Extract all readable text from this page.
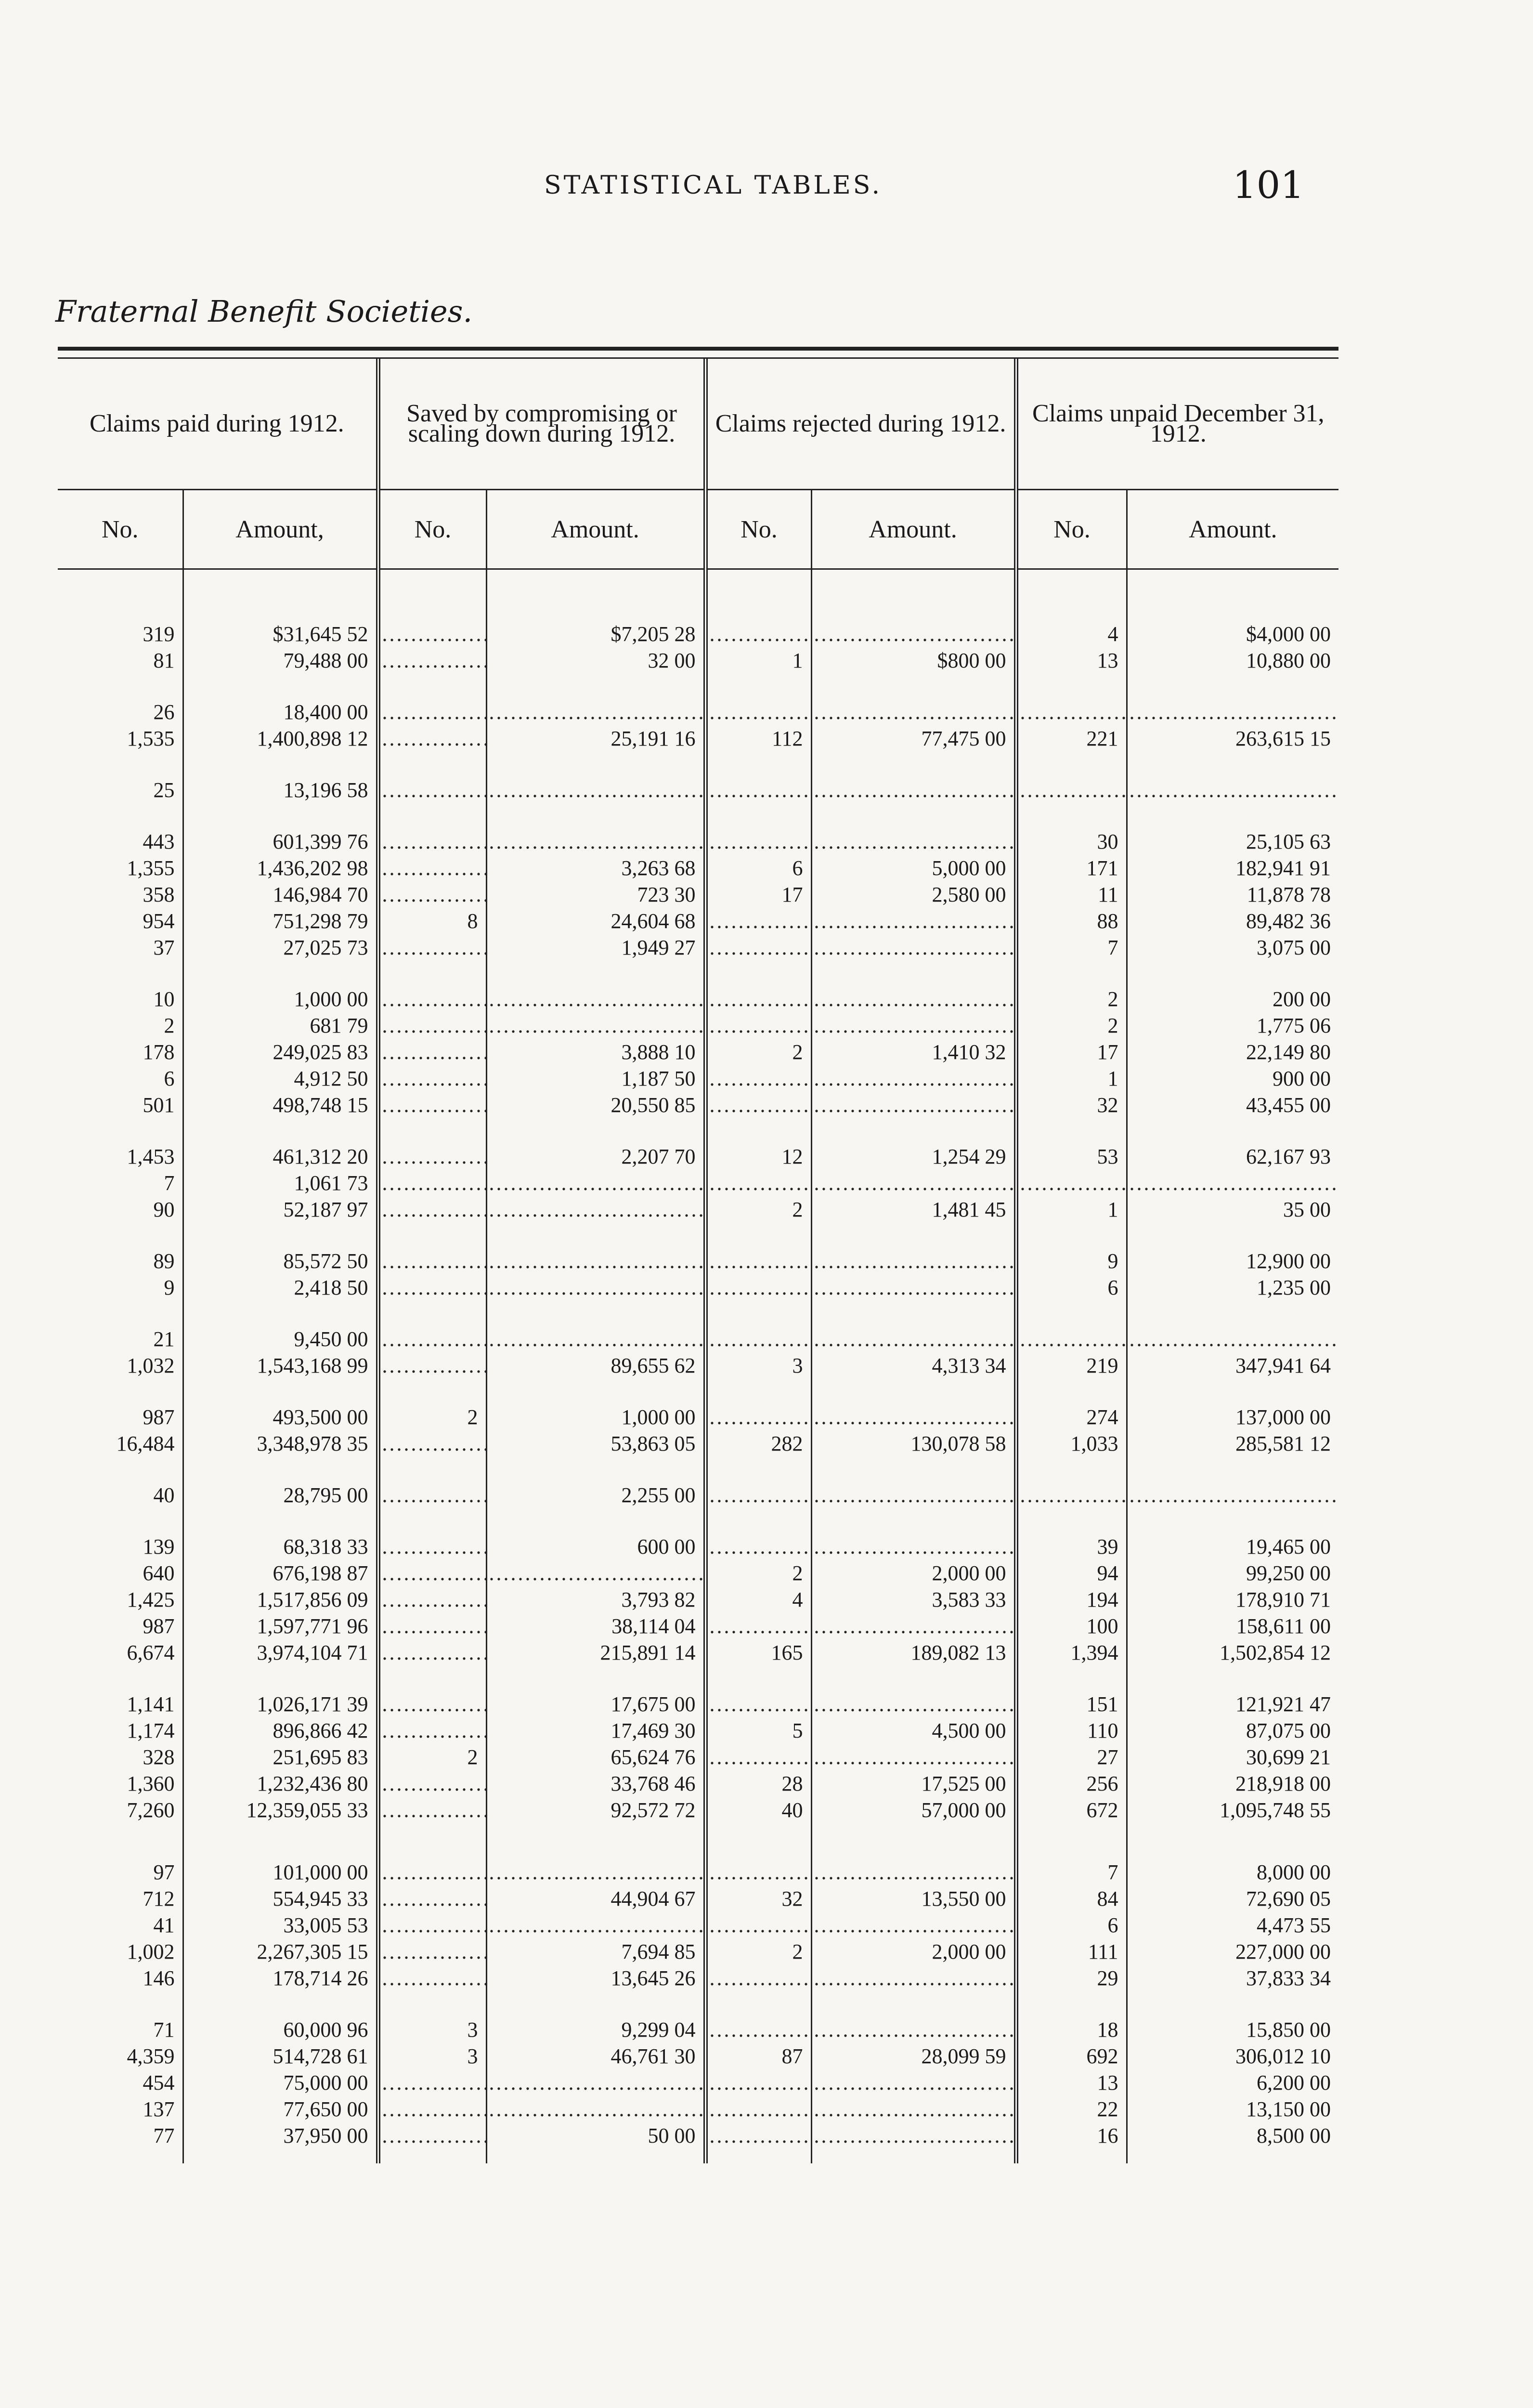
STATISTICAL TABLES.	101
Fraternal Benefit Societies.
Claims paid during 1912.		Saved by compromising or scaling down during 1912.		Claims rejected during 1912.		Claims unpaid December 31, 1912.	
No.	Amount,	No.	Amount.	No.	Amount.	No.	Amount.

319	$31,645 52	.....	$7,205 28	.....	.....	4	$4,000 00
81	79,488 00	.....	32 00	1	$800 00	13	10,880 00

26	18,400 00	.....	.....	.....	.....	.....	.....
1,535	1,400,898 12	.....	25,191 16	112	77,475 00	221	263,615 15

25	13,196 58	.....	.....	.....	.....	.....	.....

443	601,399 76	.....	.....	.....	.....	30	25,105 63
1,355	1,436,202 98	.....	3,263 68	6	5,000 00	171	182,941 91
358	146,984 70	.....	723 30	17	2,580 00	11	11,878 78
954	751,298 79	8	24,604 68	.....	.....	88	89,482 36
37	27,025 73	.....	1,949 27	.....	.....	7	3,075 00

10	1,000 00	.....	.....	.....	.....	2	200 00
2	681 79	.....	.....	.....	.....	2	1,775 06
178	249,025 83	.....	3,888 10	2	1,410 32	17	22,149 80
6	4,912 50	.....	1,187 50	.....	.....	1	900 00
501	498,748 15	.....	20,550 85	.....	.....	32	43,455 00

1,453	461,312 20	.....	2,207 70	12	1,254 29	53	62,167 93
7	1,061 73	.....	.....	.....	.....	.....	.....
90	52,187 97	.....	.....	2	1,481 45	1	35 00

89	85,572 50	.....	.....	.....	.....	9	12,900 00
9	2,418 50	.....	.....	.....	.....	6	1,235 00

21	9,450 00	.....	.....	.....	.....	.....	.....
1,032	1,543,168 99	.....	89,655 62	3	4,313 34	219	347,941 64

987	493,500 00	2	1,000 00	.....	.....	274	137,000 00
16,484	3,348,978 35	.....	53,863 05	282	130,078 58	1,033	285,581 12

40	28,795 00	.....	2,255 00	.....	.....	.....	.....

139	68,318 33	.....	600 00	.....	.....	39	19,465 00
640	676,198 87	.....	.....	2	2,000 00	94	99,250 00
1,425	1,517,856 09	.....	3,793 82	4	3,583 33	194	178,910 71
987	1,597,771 96	.....	38,114 04	.....	.....	100	158,611 00
6,674	3,974,104 71	.....	215,891 14	165	189,082 13	1,394	1,502,854 12

1,141	1,026,171 39	.....	17,675 00	.....	.....	151	121,921 47
1,174	896,866 42	.....	17,469 30	5	4,500 00	110	87,075 00
328	251,695 83	2	65,624 76	.....	.....	27	30,699 21
1,360	1,232,436 80	.....	33,768 46	28	17,525 00	256	218,918 00
7,260	12,359,055 33	.....	92,572 72	40	57,000 00	672	1,095,748 55

97	101,000 00	.....	.....	.....	.....	7	8,000 00
712	554,945 33	.....	44,904 67	32	13,550 00	84	72,690 05
41	33,005 53	.....	.....	.....	.....	6	4,473 55
1,002	2,267,305 15	.....	7,694 85	2	2,000 00	111	227,000 00
146	178,714 26	.....	13,645 26	.....	.....	29	37,833 34

71	60,000 96	3	9,299 04	.....	.....	18	15,850 00
4,359	514,728 61	3	46,761 30	87	28,099 59	692	306,012 10
454	75,000 00	.....	.....	.....	.....	13	6,200 00
137	77,650 00	.....	.....	.....	.....	22	13,150 00
77	37,950 00	.....	50 00	.....	.....	16	8,500 00
